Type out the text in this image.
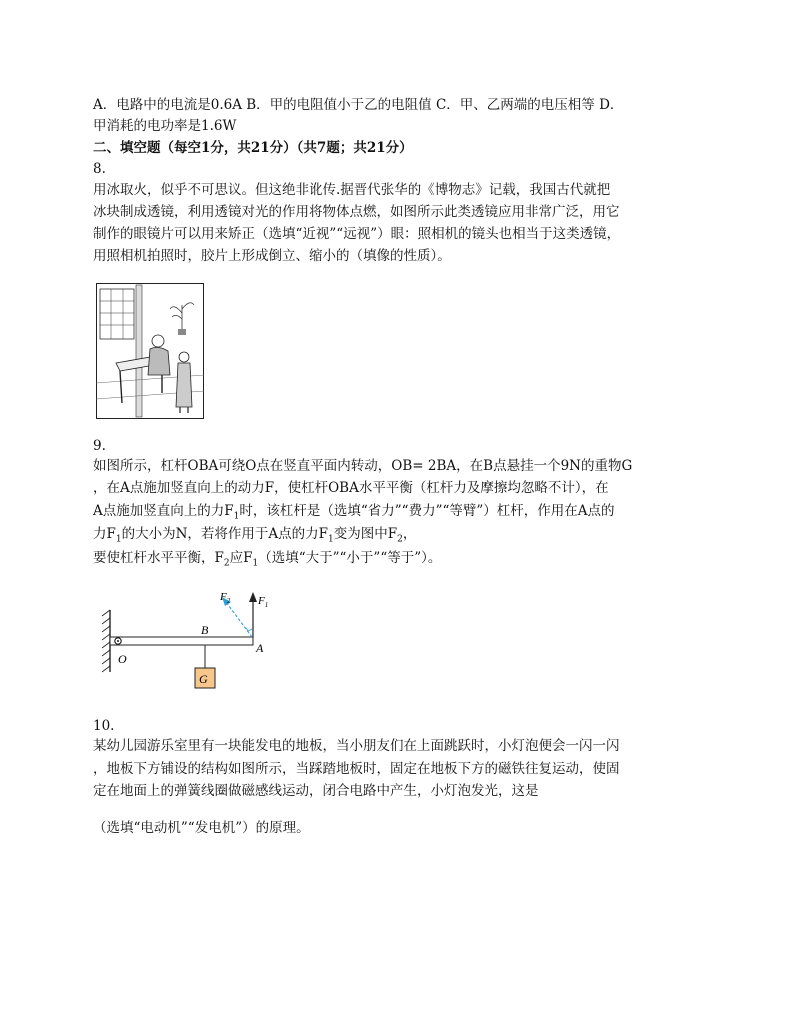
A．电路中的电流是0.6A B．甲的电阻值小于乙的电阻值 C．甲、乙两端的电压相等 D．
甲消耗的电功率是1.6W
二、填空题（每空1分，共21分）（共7题；共21分）
8.
用冰取火，似乎不可思议。但这绝非讹传.据晋代张华的《博物志》记载，我国古代就把
冰块制成透镜，利用透镜对光的作用将物体点燃，如图所示此类透镜应用非常广泛，用它
制作的眼镜片可以用来矫正（选填“近视”“远视”）眼：照相机的镜头也相当于这类透镜，
用照相机拍照时，胶片上形成倒立、缩小的（填像的性质）。
9.
如图所示，杠杆OBA可绕O点在竖直平面内转动，OB= 2BA，在B点悬挂一个9N的重物G
，在A点施加竖直向上的动力F，使杠杆OBA水平平衡（杠杆力及摩擦均忽略不计），在
A点施加竖直向上的力$F_1$时，该杠杆是（选填“省力”“费力”“等臂”）杠杆，作用在A点的
力$F_1$的大小为N，若将作用于A点的力$F_1$变为图中$F_2$，
要使杠杆水平平衡，$F_2$应$F_1$（选填“大于”“小于”“等于”）。
O
B
G
A
$F_1$
$F_2$
10.
某幼儿园游乐室里有一块能发电的地板，当小朋友们在上面跳跃时，小灯泡便会一闪一闪
，地板下方铺设的结构如图所示，当踩踏地板时，固定在地板下方的磁铁往复运动，使固
定在地面上的弹簧线圈做磁感线运动，闭合电路中产生，小灯泡发光，这是
（选填“电动机”“发电机”）的原理。
